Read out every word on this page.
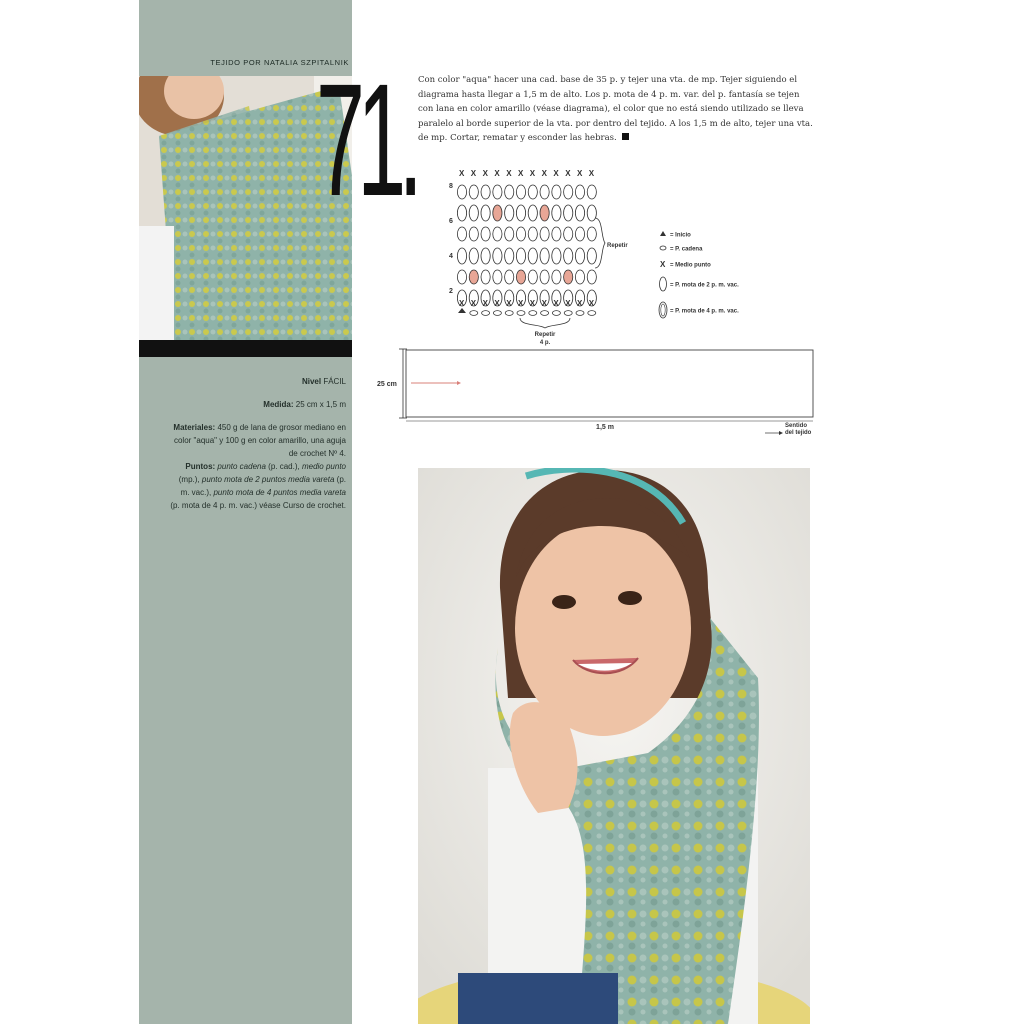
TEJIDO POR NATALIA SZPITALNIK
71.
Nivel FÁCIL
Medida: 25 cm x 1,5 m
Materiales: 450 g de lana de grosor mediano en color "aqua" y 100 g en color amarillo, una aguja de crochet Nº 4.
Puntos: punto cadena (p. cad.), medio punto (mp.), punto mota de 2 puntos media vareta (p. m. vac.), punto mota de 4 puntos media vareta (p. mota de 4 p. m. vac.) véase Curso de crochet.
Con color "aqua" hacer una cad. base de 35 p. y tejer una vta. de mp. Tejer siguiendo el diagrama hasta llegar a 1,5 m de alto. Los p. mota de 4 p. m. var. del p. fantasía se tejen con lana en color amarillo (véase diagrama), el color que no está siendo utilizado se lleva paralelo al borde superior de la vta. por dentro del tejido. A los 1,5 m de alto, tejer una vta. de mp. Cortar, rematar y esconder las hebras.
8
6
4
2
X X X X X X X X X X X X
X X X X X X X X X X X X
Repetir
Repetir
4 p.
= Inicio
= P. cadena
X = Medio punto
= P. mota de 2 p. m. vac.
= P. mota de 4 p. m. vac.
25 cm
1,5 m	Sentido del tejido
